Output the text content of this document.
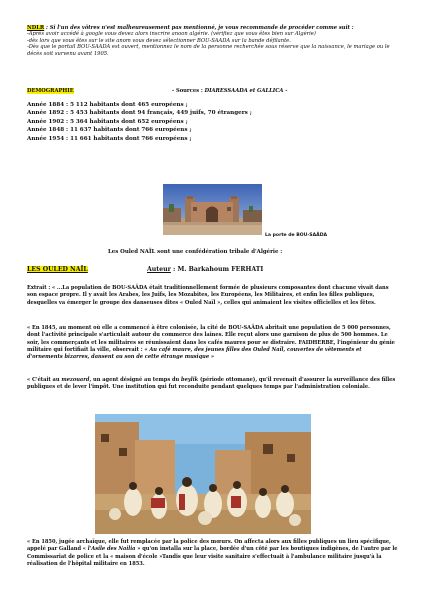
NDLR : Si l'un des vôtres n'est malheureusement pas mentionné, je vous recommande de procéder comme suit :
-Après avoir accédé à google vous devez alors inscrire anoon algérie. (vérifiez que vous êtes bien sur Algérie)
-dès lors que vous êtes sur le site anom vous devez sélectionner BOU-SAADA sur la bande défilante.
-Dès que le portail BOU-SAADA est ouvert, mentionnez le nom de la personne recherchée sous réserve que la naissance, le mariage ou le décès soit survenu avant 1905.
DEMOGRAPHIE	- Sources : DIARESSAADA et GALLICA -
Année 1884 : 5 112 habitants dont 465 européens ;
Année 1892 : 5 453 habitants dont 94 français, 449 juifs, 70 étrangers ;
Année 1902 : 5 364 habitants dont 652 européens ;
Année 1848 : 11 637 habitants dont 766 européens ;
Année 1954 : 11 661 habitants dont 766 européens ;
La porte de BOU-SAÂDA
Les Ouled NAÏL sont une confédération tribale d'Algérie :
LES OULED NAÏL	Auteur : M. Barkahoum FERHATI
Extrait : « ...La population de BOU-SAÂDA était traditionnellement formée de plusieurs composantes dont chacune vivait dans son espace propre. Il y avait les Arabes, les Juifs, les Mozabites, les Européens, les Militaires, et enfin les filles publiques, desquelles va émerger le groupe des danseuses dites « Ouled Naïl », celles qui animaient les visites officielles et les fêtes.
« En 1845, au moment où elle a commencé à être colonisée, la cité de BOU-SAÂDA abritait une population de 5 000 personnes, dont l'activité principale s'articulait autour du commerce des laines. Elle reçut alors une garnison de plus de 500 hommes. Le soir, les commerçants et les militaires se réunissaient dans les cafés maures pour se distraire. FAIDHERBE, l'ingénieur du génie militaire qui fortifiait la ville, observait : « Au café maure, des jeunes filles des Ouled Naïl, couvertes de vêtements et d'ornements bizarres, dansent au son de cette étrange musique »
« C'était au mezouard, un agent désigné au temps du beylik (période ottomane), qu'il revenait d'assurer la surveillance des filles publiques et de lever l'impôt. Une institution qui fut reconduite pendant quelques temps par l'administration coloniale.
« En 1850, jugée archaïque, elle fut remplacée par la police des mœurs. On affecta alors aux filles publiques un lieu spécifique, appelé par Galland « l'Asile des Nailia » qu'on installa sur la place, bordée d'un côté par les boutiques indigènes, de l'autre par le Commissariat de police et la « maison d'école »Tandis que leur visite sanitaire s'effectuait à l'ambulance militaire jusqu'à la réalisation de l'hôpital militaire en 1853.
